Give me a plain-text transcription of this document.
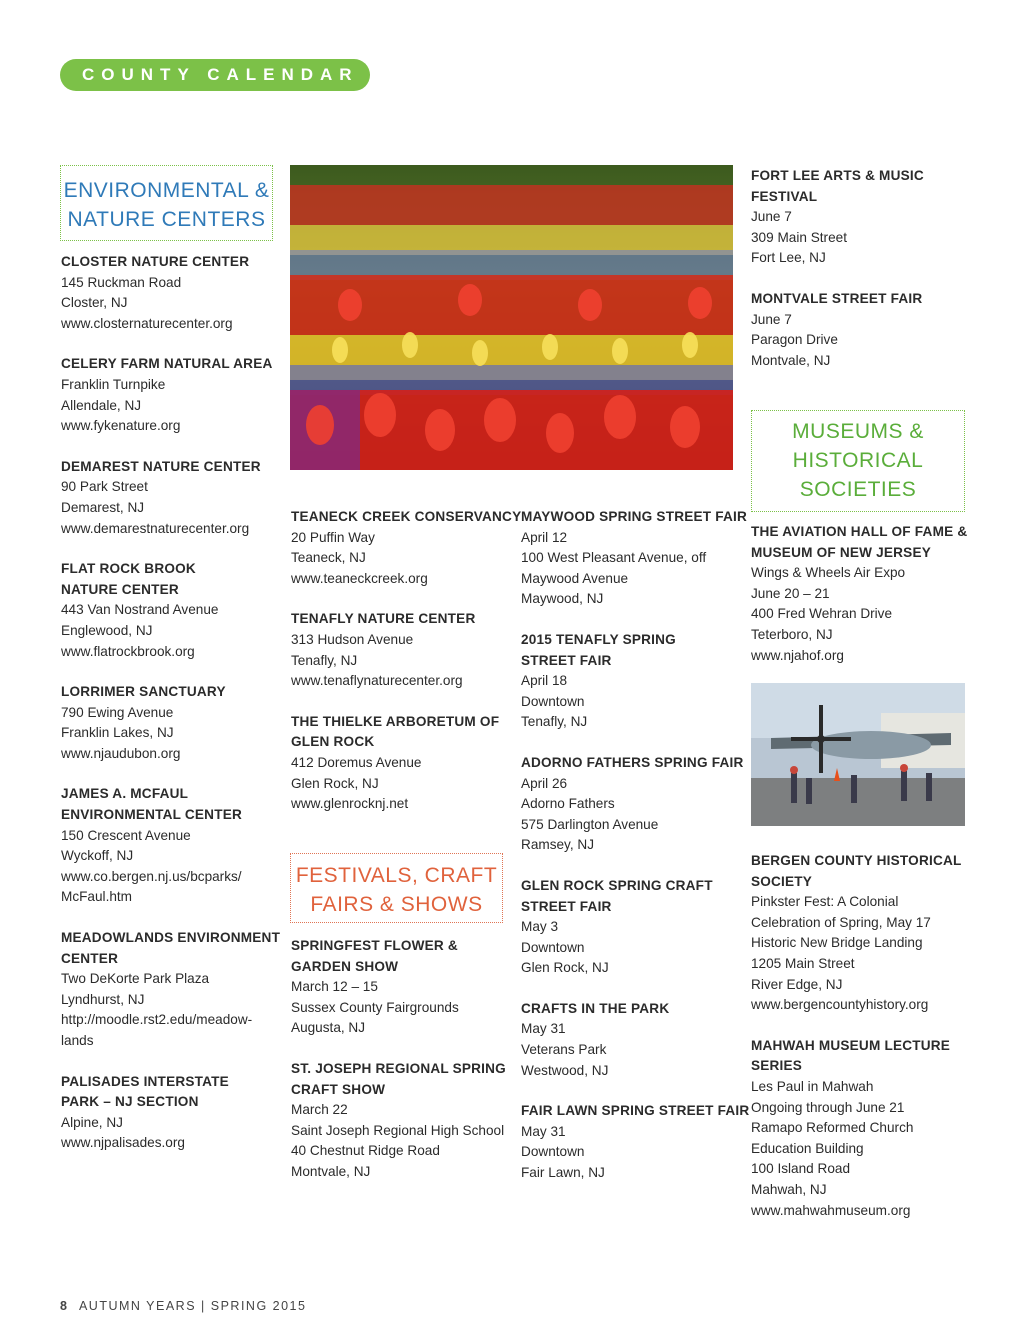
COUNTY CALENDAR
ENVIRONMENTAL &
NATURE CENTERS
CLOSTER NATURE CENTER
145 Ruckman Road
Closter, NJ
www.closternaturecenter.org
CELERY FARM NATURAL AREA
Franklin Turnpike
Allendale, NJ
www.fykenature.org
DEMAREST NATURE CENTER
90 Park Street
Demarest, NJ
www.demarestnaturecenter.org
FLAT ROCK BROOK
NATURE CENTER
443 Van Nostrand Avenue
Englewood, NJ
www.flatrockbrook.org
LORRIMER SANCTUARY
790 Ewing Avenue
Franklin Lakes, NJ
www.njaudubon.org
JAMES A. MCFAUL
ENVIRONMENTAL CENTER
150 Crescent Avenue
Wyckoff, NJ
www.co.bergen.nj.us/bcparks/
McFaul.htm
MEADOWLANDS ENVIRONMENT
CENTER
Two DeKorte Park Plaza
Lyndhurst, NJ
http://moodle.rst2.edu/meadow-
lands
PALISADES INTERSTATE
PARK – NJ SECTION
Alpine, NJ
www.njpalisades.org
TEANECK CREEK CONSERVANCY
20 Puffin Way
Teaneck, NJ
www.teaneckcreek.org
TENAFLY NATURE CENTER
313 Hudson Avenue
Tenafly, NJ
www.tenaflynaturecenter.org
THE THIELKE ARBORETUM OF
GLEN ROCK
412 Doremus Avenue
Glen Rock, NJ
www.glenrocknj.net
FESTIVALS, CRAFT
FAIRS & SHOWS
SPRINGFEST FLOWER &
GARDEN SHOW
March 12 – 15
Sussex County Fairgrounds
Augusta, NJ
ST. JOSEPH REGIONAL SPRING
CRAFT SHOW
March 22
Saint Joseph Regional High School
40 Chestnut Ridge Road
Montvale, NJ
MAYWOOD SPRING STREET FAIR
April 12
100 West Pleasant Avenue, off
Maywood Avenue
Maywood, NJ
2015 TENAFLY SPRING
STREET FAIR
April 18
Downtown
Tenafly, NJ
ADORNO FATHERS SPRING FAIR
April 26
Adorno Fathers
575 Darlington Avenue
Ramsey, NJ
GLEN ROCK SPRING CRAFT
STREET FAIR
May 3
Downtown
Glen Rock, NJ
CRAFTS IN THE PARK
May 31
Veterans Park
Westwood, NJ
FAIR LAWN SPRING STREET FAIR
May 31
Downtown
Fair Lawn, NJ
FORT LEE ARTS & MUSIC
FESTIVAL
June 7
309 Main Street
Fort Lee, NJ
MONTVALE STREET FAIR
June 7
Paragon Drive
Montvale, NJ
MUSEUMS &
HISTORICAL
SOCIETIES
THE AVIATION HALL OF FAME &
MUSEUM OF NEW JERSEY
Wings & Wheels Air Expo
June 20 – 21
400 Fred Wehran Drive
Teterboro, NJ
www.njahof.org
BERGEN COUNTY HISTORICAL
SOCIETY
Pinkster Fest: A Colonial
Celebration of Spring, May 17
Historic New Bridge Landing
1205 Main Street
River Edge, NJ
www.bergencountyhistory.org
MAHWAH MUSEUM LECTURE
SERIES
Les Paul in Mahwah
Ongoing through June 21
Ramapo Reformed Church
Education Building
100 Island Road
Mahwah, NJ
www.mahwahmuseum.org
8 AUTUMN YEARS | SPRING 2015
